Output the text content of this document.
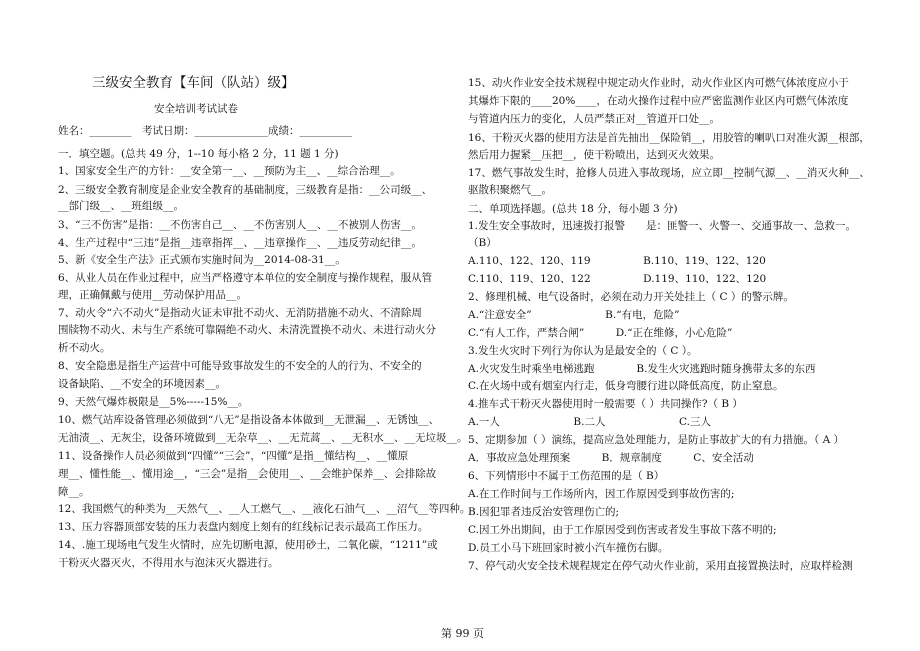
三级安全教育【车间（队站）级】
安全培训考试试卷
姓名：________　考试日期：______________成绩：__________
一．填空题。(总共 49 分，1--10 每小格 2 分，11 题 1 分)
1、国家安全生产的方针：__安全第一__、__预防为主__、__综合治理__。
2、三级安全教育制度是企业安全教育的基础制度，三级教育是指：__公司级__、
__部门级__、__班组级__。
3、“三不伤害”是指：__不伤害自己__、__不伤害别人__、__不被别人伤害__。
4、生产过程中“三违”是指__违章指挥__、__违章操作__、__违反劳动纪律__。
5、新《安全生产法》正式颁布实施时间为__2014-08-31__。
6、从业人员在作业过程中，应当严格遵守本单位的安全制度与操作规程，服从管
理，正确佩戴与使用__劳动保护用品__。
7、动火令“六不动火”是指动火证未审批不动火、无消防措施不动火、不清除周
围牍物不动火、未与生产系统可靠隔绝不动火、未清洗置换不动火、未进行动火分
析不动火。
8、安全隐患是指生产运营中可能导致事故发生的不安全的人的行为、不安全的
设备缺陷、__不安全的环境因素__。
9、天然气爆炸极限是__5%-----15%__。
10、燃气站库设备管理必须做到“八无”是指设备本体做到__无泄漏__、无锈蚀__、
无油渍__、无灰尘，设备环境做到__无杂草__、__无荒蒿__、__无积水__、__无垃圾__。
11、设备操作人员必须做到“四懂”“三会”，“四懂”是指__懂结构__、__懂原
理__、懂性能__、懂用途__，“三会”是指__会使用__、__会维护保养__、会排除故
障__。
12、我国燃气的种类为__天然气__、__人工燃气__、__液化石油气__、__沼气__等四种。
13、压力容器顶部安装的压力表盘内刻度上刻有的红线标记表示最高工作压力。
14、.施工现场电气发生火情时，应先切断电源，使用砂土，二氧化碳，“1211”或
干粉灭火器灭火，不得用水与泡沫灭火器进行。
15、动火作业安全技术规程中规定动火作业时，动火作业区内可燃气体浓度应小于
其爆炸下限的____20%____，在动火操作过程中应严密监测作业区内可燃气体浓度
与管道内压力的变化，人员严禁正对__管道开口处__。
16、干粉灭火器的使用方法是首先抽出__保险销__，用胶管的喇叭口对准火源__根部，
然后用力握紧__压把__，使干粉喷出，达到灭火效果。
17、燃气事故发生时，抢修人员进入事故现场，应立即__控制气源__、__消灭火种__、
驱散积聚燃气__。
二、单项选择题。(总共 18 分，每小题 3 分)
1.发生安全事故时，迅速拨打报警　　是：匪警一、火警一、交通事故一、急救一。
（B）
A.110、122、120、119　　　　　B.110、119、122、120
C.110、119、120、122　　　　　D.119、110、122、120
2、修理机械、电气设备时，必须在动力开关处挂上（ C ）的警示牌。
A.“注意安全”　　　　　　　B.“有电，危险”
C.“有人工作，严禁合闸”　　　D.“正在维修，小心危险”
3.发生火灾时下列行为你认为是最安全的（ C ）。
A.火灾发生时乘坐电梯逃跑　　　　B.发生火灾逃跑时随身携带太多的东西
C.在火场中或有烟室内行走，低身弯腰行进以降低高度，防止窒息。
4.推车式干粉灭火器使用时一般需要（ ）共同操作?（ B ）
A.一人　　　　　　　B.二人　　　　　　　C.三人
5、定期参加（ ）演练，提高应急处理能力，是防止事故扩大的有力措施。（ A ）
A．事故应急处理预案　　　B．规章制度　　　C、安全活动
6、下列情形中不属于工伤范围的是（ B）
A.在工作时间与工作场所内，因工作原因受到事故伤害的;
B.因犯罪者违反治安管理伤亡的;
C.因工外出期间，由于工作原因受到伤害或者发生事故下落不明的;
D.员工小马下班回家时被小汽车撞伤右脚。
7、停气动火安全技术规程规定在停气动火作业前，采用直接置换法时，应取样检测
第 99 页
